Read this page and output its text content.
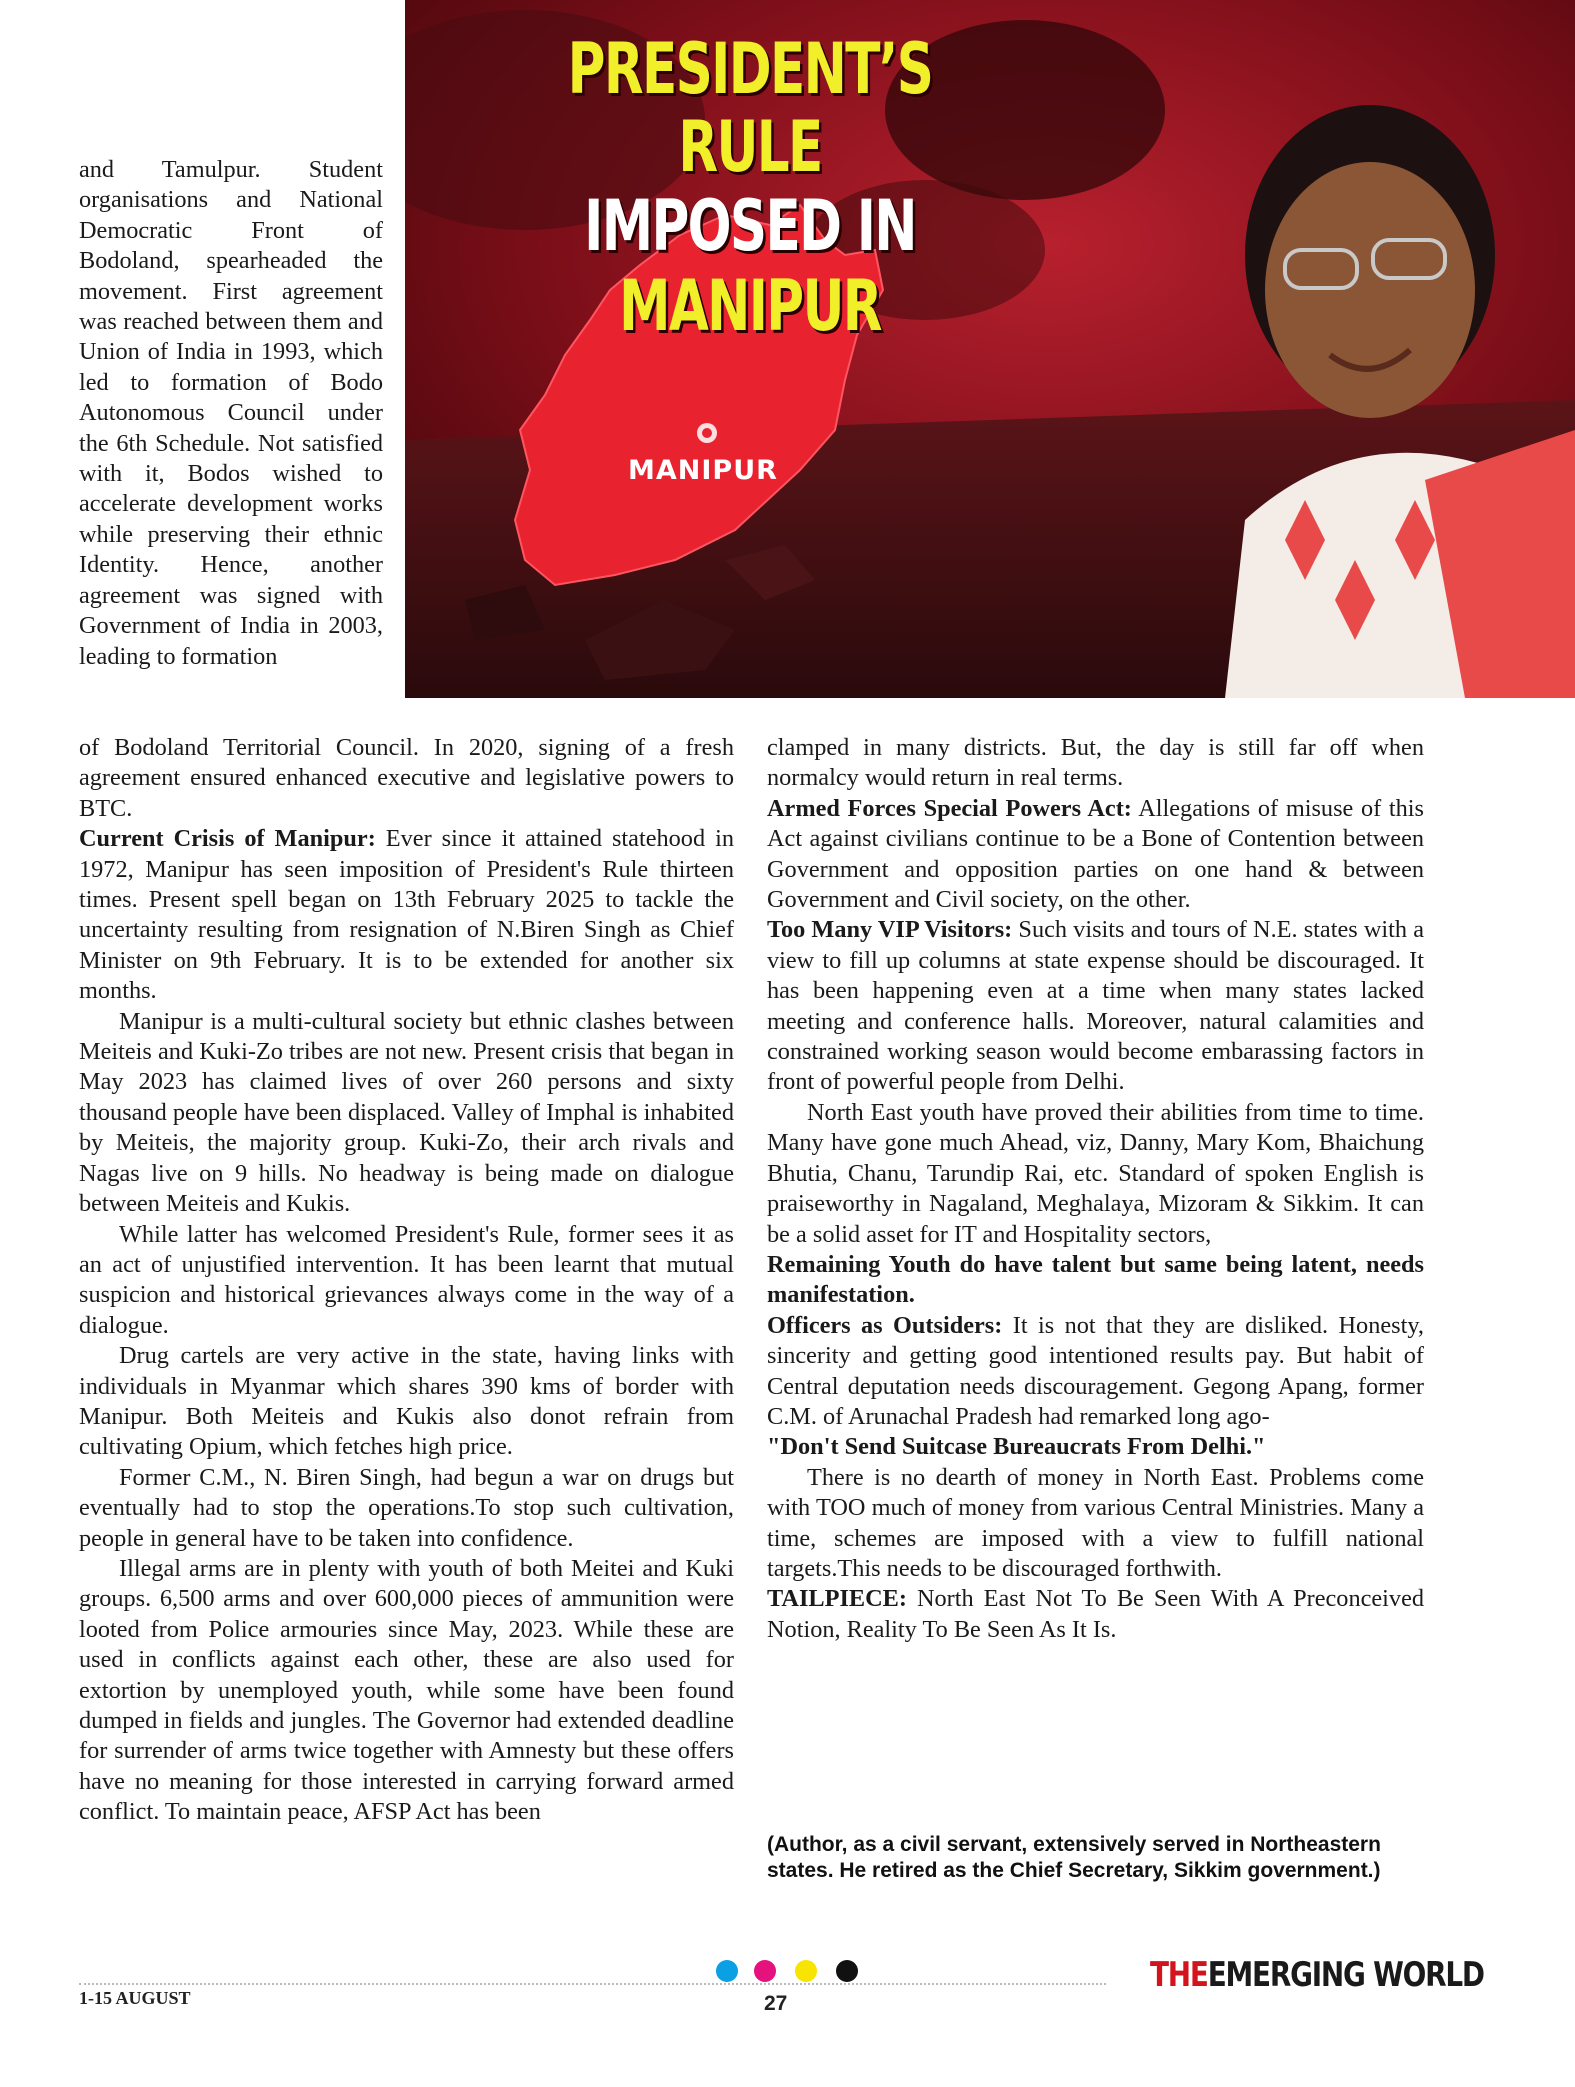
PRESIDENT’S RULE
IMPOSED IN MANIPUR
MANIPUR

and Tamulpur. Student organisations and National Democratic Front of Bodoland, spearheaded the movement. First agreement was reached between them and Union of India in 1993, which led to formation of Bodo Autonomous Council under the 6th Schedule. Not satisfied with it, Bodos wished to accelerate development works while preserving their ethnic Identity. Hence, another agreement was signed with Government of India in 2003, leading to formation

of Bodoland Territorial Council. In 2020, signing of a fresh agreement ensured enhanced executive and legislative powers to BTC.

Current Crisis of Manipur: Ever since it attained statehood in 1972, Manipur has seen imposition of President's Rule thirteen times. Present spell began on 13th February 2025 to tackle the uncertainty resulting from resignation of N.Biren Singh as Chief Minister on 9th February. It is to be extended for another six months.

Manipur is a multi-cultural society but ethnic clashes between Meiteis and Kuki-Zo tribes are not new. Present crisis that began in May 2023 has claimed lives of over 260 persons and sixty thousand people have been displaced. Valley of Imphal is inhabited by Meiteis, the majority group. Kuki-Zo, their arch rivals and Nagas live on 9 hills. No headway is being made on dialogue between Meiteis and Kukis.

While latter has welcomed President's Rule, former sees it as an act of unjustified intervention. It has been learnt that mutual suspicion and historical grievances always come in the way of a dialogue.

Drug cartels are very active in the state, having links with individuals in Myanmar which shares 390 kms of border with Manipur. Both Meiteis and Kukis also donot refrain from cultivating Opium, which fetches high price.

Former C.M., N. Biren Singh, had begun a war on drugs but eventually had to stop the operations.To stop such cultivation, people in general have to be taken into confidence.

Illegal arms are in plenty with youth of both Meitei and Kuki groups. 6,500 arms and over 600,000 pieces of ammunition were looted from Police armouries since May, 2023. While these are used in conflicts against each other, these are also used for extortion by unemployed youth, while some have been found dumped in fields and jungles. The Governor had extended deadline for surrender of arms twice together with Amnesty but these offers have no meaning for those interested in carrying forward armed conflict. To maintain peace, AFSP Act has been

clamped in many districts. But, the day is still far off when normalcy would return in real terms.

Armed Forces Special Powers Act: Allegations of misuse of this Act against civilians continue to be a Bone of Contention between Government and opposition parties on one hand & between Government and Civil society, on the other.

Too Many VIP Visitors: Such visits and tours of N.E. states with a view to fill up columns at state expense should be discouraged. It has been happening even at a time when many states lacked meeting and conference halls. Moreover, natural calamities and constrained working season would become embarassing factors in front of powerful people from Delhi.

North East youth have proved their abilities from time to time. Many have gone much Ahead, viz, Danny, Mary Kom, Bhaichung Bhutia, Chanu, Tarundip Rai, etc. Standard of spoken English is praiseworthy in Nagaland, Meghalaya, Mizoram & Sikkim. It can be a solid asset for IT and Hospitality sectors,

Remaining Youth do have talent but same being latent, needs manifestation.

Officers as Outsiders: It is not that they are disliked. Honesty, sincerity and getting good intentioned results pay. But habit of Central deputation needs discouragement. Gegong Apang, former C.M. of Arunachal Pradesh had remarked long ago-

"Don't Send Suitcase Bureaucrats From Delhi."

There is no dearth of money in North East. Problems come with TOO much of money from various Central Ministries. Many a time, schemes are imposed with a view to fulfill national targets.This needs to be discouraged forthwith.

TAILPIECE: North East Not To Be Seen With A Preconceived Notion, Reality To Be Seen As It Is.

(Author, as a civil servant, extensively served in Northeastern states. He retired as the Chief Secretary, Sikkim government.)
1-15 AUGUST	27
THEEMERGING WORLD
